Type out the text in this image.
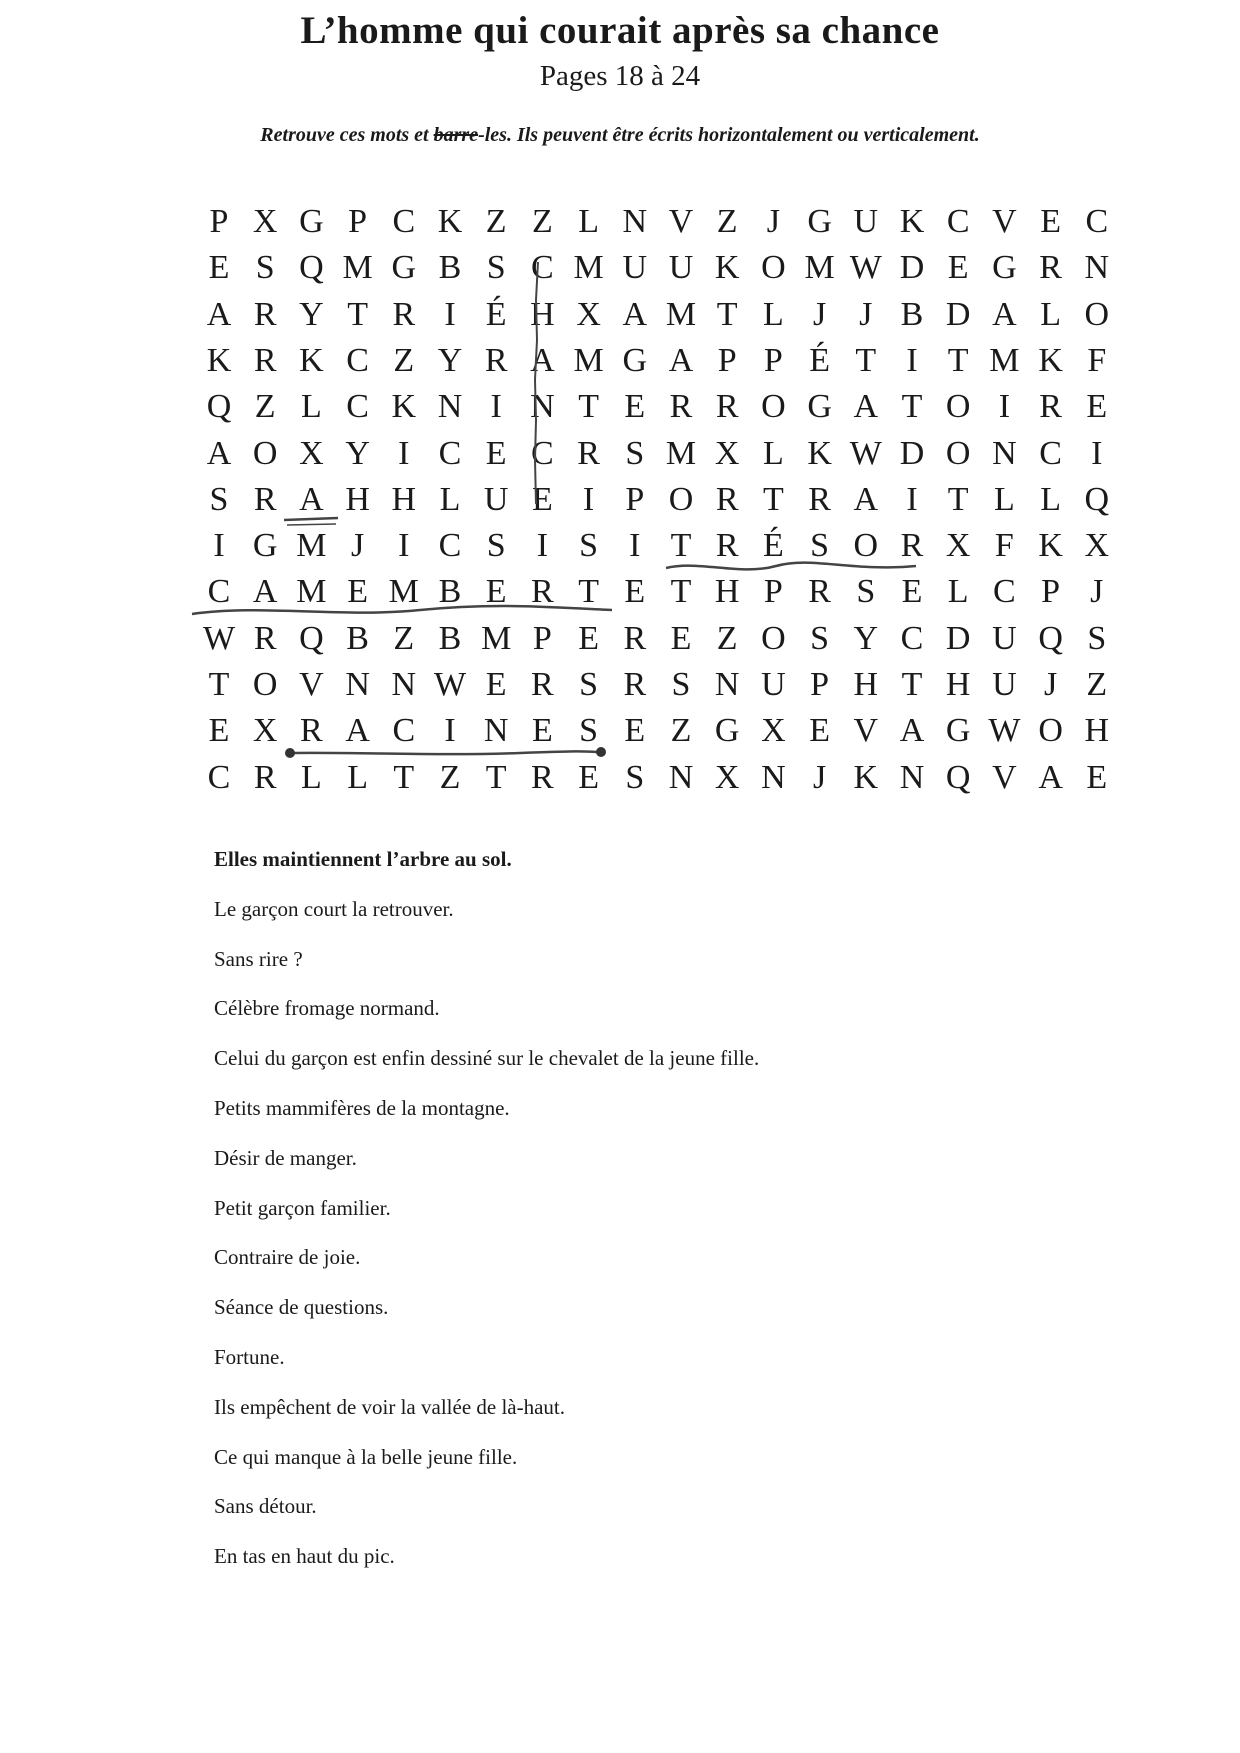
L’homme qui courait après sa chance
Pages 18 à 24
Retrouve ces mots et barre-les. Ils peuvent être écrits horizontalement ou verticalement.
P X G P C K Z Z L N V Z J G U K C V E C
E S Q M G B S C M U U K O M W D E G R N
A R Y T R I É H X A M T L J J B D A L O
K R K C Z Y R A M G A P P É T I T M K F
Q Z L C K N I N T E R R O G A T O I R E
A O X Y I C E C R S M X L K W D O N C I
S R A H H L U E I P O R T R A I T L L Q
I G M J I C S I S I T R É S O R X F K X
C A M E M B E R T E T H P R S E L C P J
W R Q B Z B M P E R E Z O S Y C D U Q S
T O V N N W E R S R S N U P H T H U J Z
E X R A C I N E S E Z G X E V A G W O H
C R L L T Z T R E S N X N J K N Q V A E
Elles maintiennent l’arbre au sol.
Le garçon court la retrouver.
Sans rire ?
Célèbre fromage normand.
Celui du garçon est enfin dessiné sur le chevalet de la jeune fille.
Petits mammifères de la montagne.
Désir de manger.
Petit garçon familier.
Contraire de joie.
Séance de questions.
Fortune.
Ils empêchent de voir la vallée de là-haut.
Ce qui manque à la belle jeune fille.
Sans détour.
En tas en haut du pic.
